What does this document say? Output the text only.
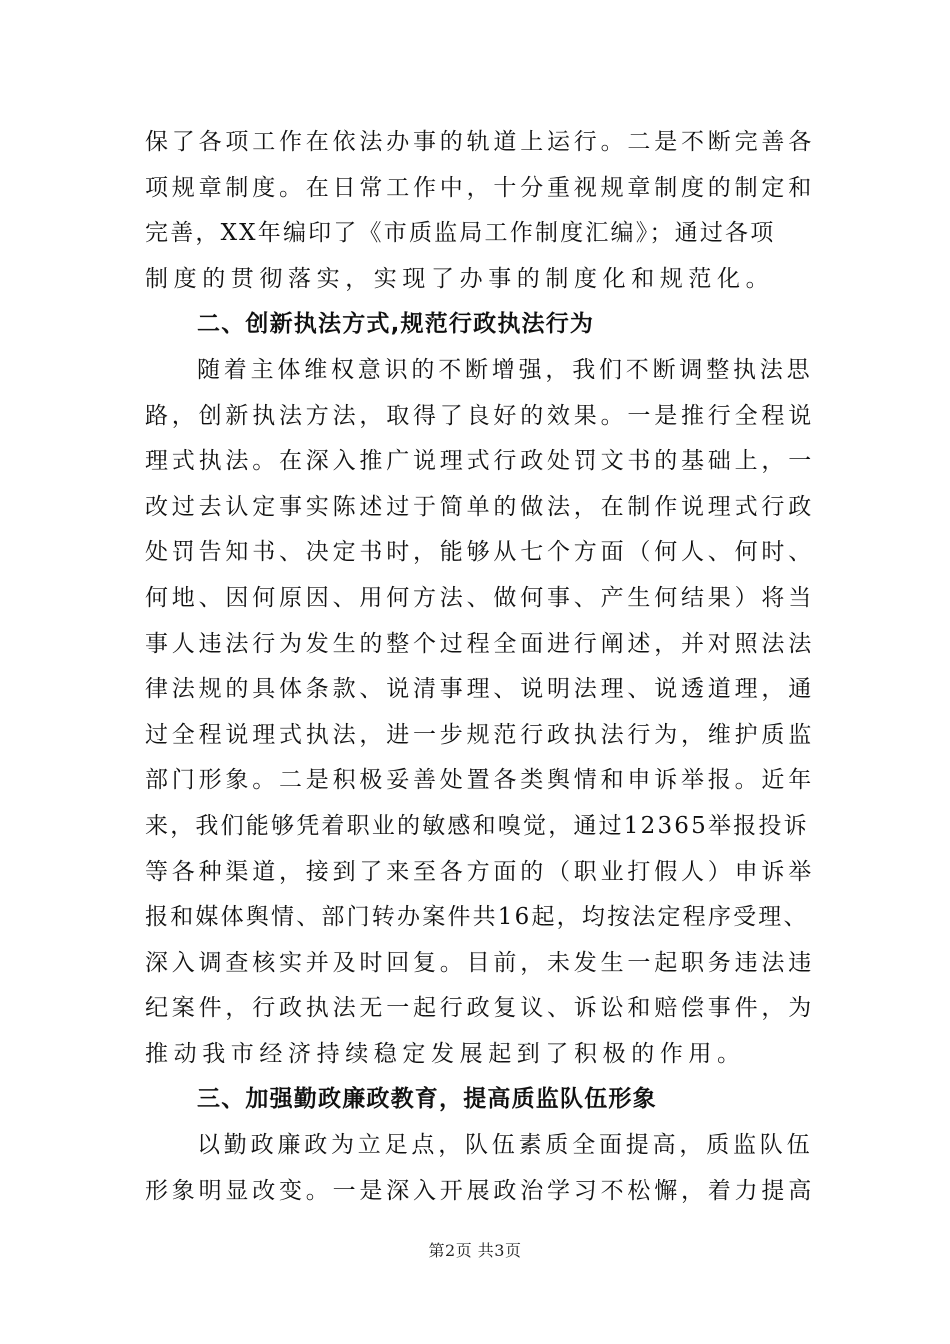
保了各项工作在依法办事的轨道上运行。二是不断完善各
项规章制度。在日常工作中，十分重视规章制度的制定和
完善，XX年编印了《市质监局工作制度汇编》；通过各项
制度的贯彻落实，实现了办事的制度化和规范化。
二、创新执法方式,规范行政执法行为
随着主体维权意识的不断增强，我们不断调整执法思
路，创新执法方法，取得了良好的效果。一是推行全程说
理式执法。在深入推广说理式行政处罚文书的基础上，一
改过去认定事实陈述过于简单的做法，在制作说理式行政
处罚告知书、决定书时，能够从七个方面（何人、何时、
何地、因何原因、用何方法、做何事、产生何结果）将当
事人违法行为发生的整个过程全面进行阐述，并对照法法
律法规的具体条款、说清事理、说明法理、说透道理，通
过全程说理式执法，进一步规范行政执法行为，维护质监
部门形象。二是积极妥善处置各类舆情和申诉举报。近年
来，我们能够凭着职业的敏感和嗅觉，通过12365举报投诉
等各种渠道，接到了来至各方面的（职业打假人）申诉举
报和媒体舆情、部门转办案件共16起，均按法定程序受理、
深入调查核实并及时回复。目前，未发生一起职务违法违
纪案件，行政执法无一起行政复议、诉讼和赔偿事件，为
推动我市经济持续稳定发展起到了积极的作用。
三、加强勤政廉政教育，提高质监队伍形象
以勤政廉政为立足点，队伍素质全面提高，质监队伍
形象明显改变。一是深入开展政治学习不松懈，着力提高
第2页 共3页
